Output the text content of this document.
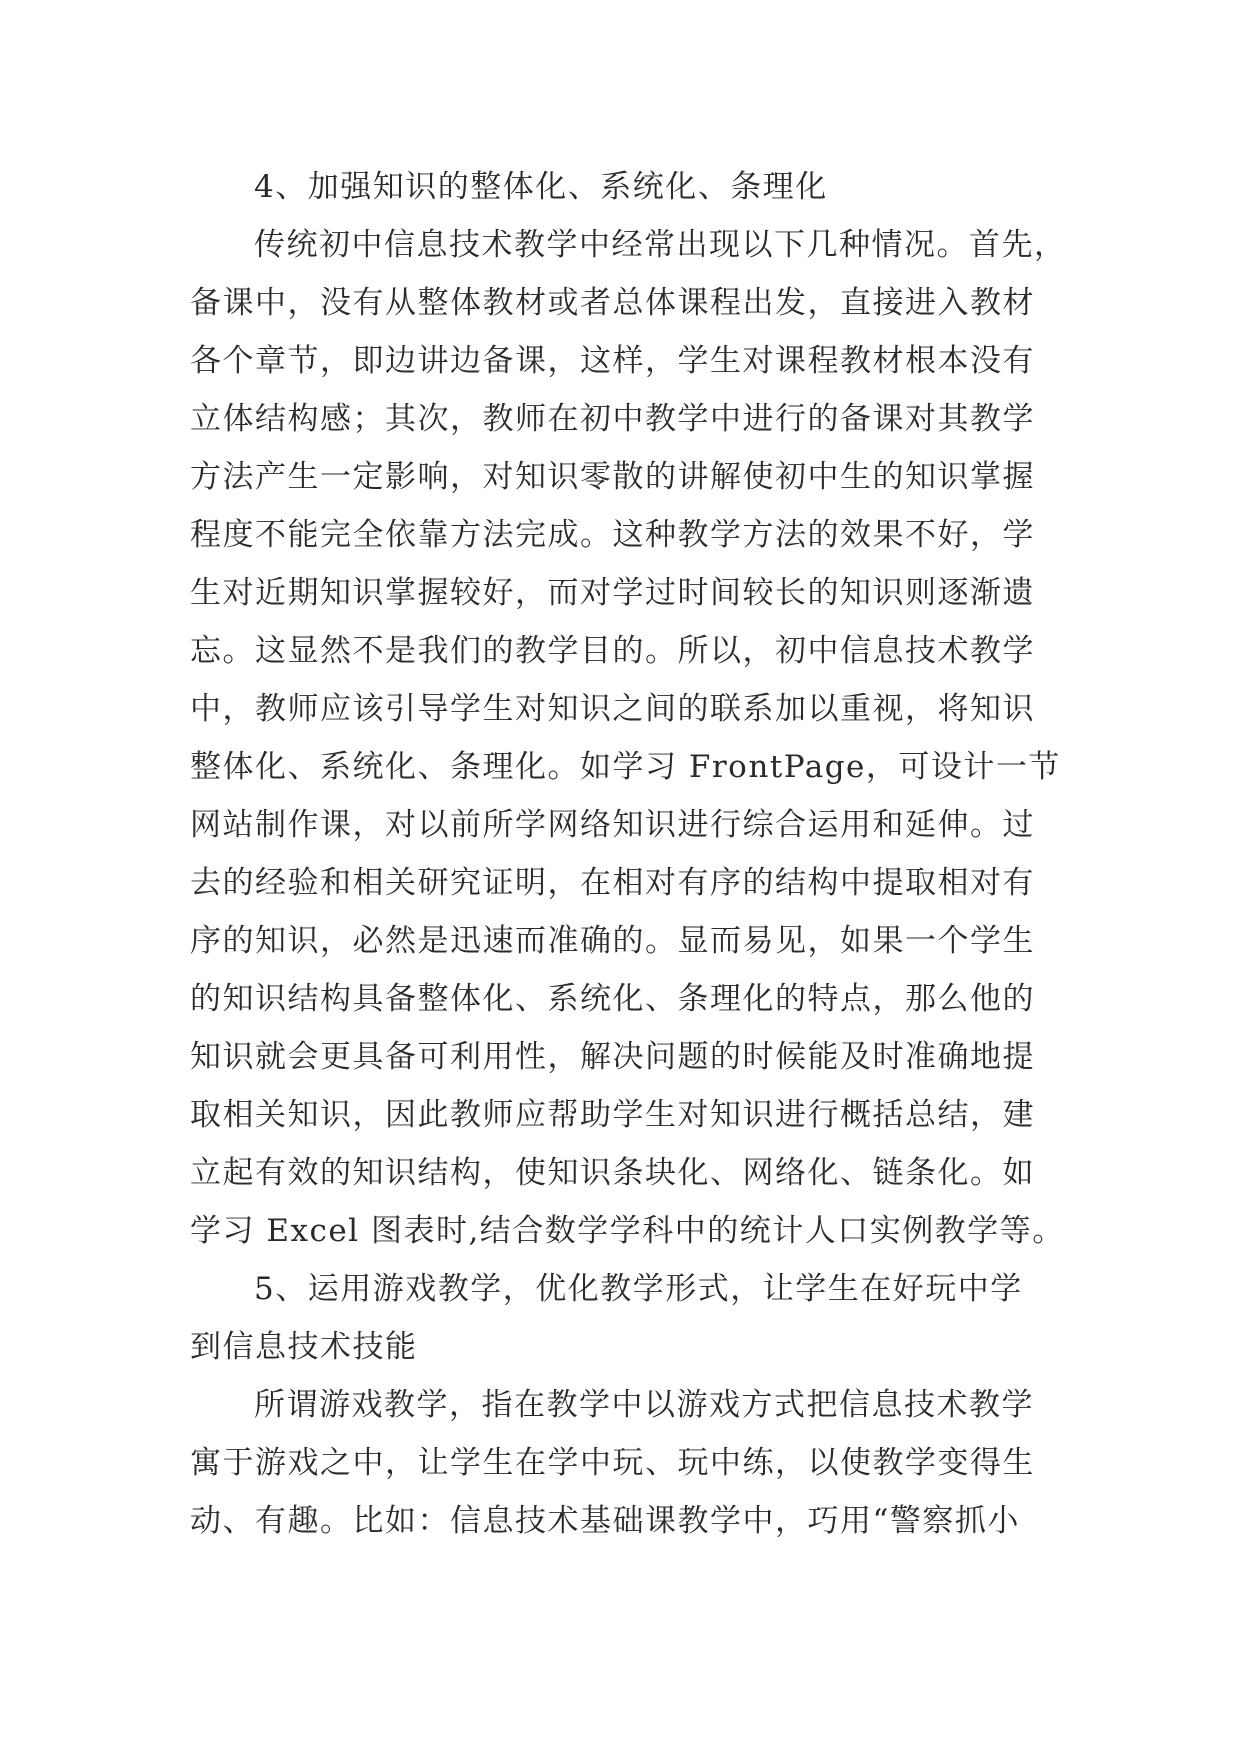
4、加强知识的整体化、系统化、条理化
传统初中信息技术教学中经常出现以下几种情况。首先，
备课中，没有从整体教材或者总体课程出发，直接进入教材
各个章节，即边讲边备课，这样，学生对课程教材根本没有
立体结构感；其次，教师在初中教学中进行的备课对其教学
方法产生一定影响，对知识零散的讲解使初中生的知识掌握
程度不能完全依靠方法完成。这种教学方法的效果不好，学
生对近期知识掌握较好，而对学过时间较长的知识则逐渐遗
忘。这显然不是我们的教学目的。所以，初中信息技术教学
中，教师应该引导学生对知识之间的联系加以重视，将知识
整体化、系统化、条理化。如学习 FrontPage，可设计一节
网站制作课，对以前所学网络知识进行综合运用和延伸。过
去的经验和相关研究证明，在相对有序的结构中提取相对有
序的知识，必然是迅速而准确的。显而易见，如果一个学生
的知识结构具备整体化、系统化、条理化的特点，那么他的
知识就会更具备可利用性，解决问题的时候能及时准确地提
取相关知识，因此教师应帮助学生对知识进行概括总结，建
立起有效的知识结构，使知识条块化、网络化、链条化。如
学习 Excel 图表时,结合数学学科中的统计人口实例教学等。
5、运用游戏教学，优化教学形式，让学生在好玩中学
到信息技术技能
所谓游戏教学，指在教学中以游戏方式把信息技术教学
寓于游戏之中，让学生在学中玩、玩中练，以使教学变得生
动、有趣。比如：信息技术基础课教学中，巧用“警察抓小
